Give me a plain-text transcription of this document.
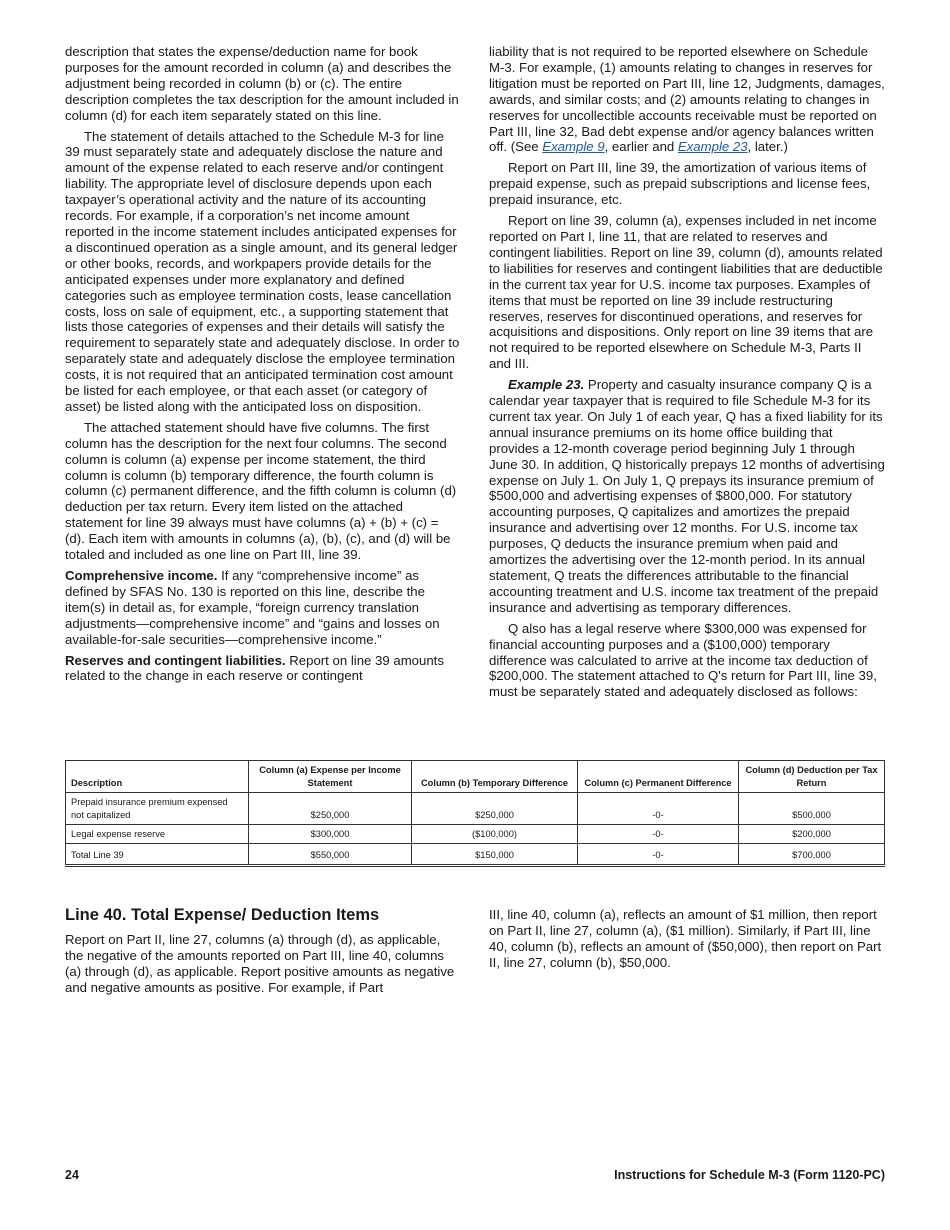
description that states the expense/deduction name for book purposes for the amount recorded in column (a) and describes the adjustment being recorded in column (b) or (c). The entire description completes the tax description for the amount included in column (d) for each item separately stated on this line.

The statement of details attached to the Schedule M-3 for line 39 must separately state and adequately disclose the nature and amount of the expense related to each reserve and/or contingent liability. The appropriate level of disclosure depends upon each taxpayer’s operational activity and the nature of its accounting records. For example, if a corporation’s net income amount reported in the income statement includes anticipated expenses for a discontinued operation as a single amount, and its general ledger or other books, records, and workpapers provide details for the anticipated expenses under more explanatory and defined categories such as employee termination costs, lease cancellation costs, loss on sale of equipment, etc., a supporting statement that lists those categories of expenses and their details will satisfy the requirement to separately state and adequately disclose. In order to separately state and adequately disclose the employee termination costs, it is not required that an anticipated termination cost amount be listed for each employee, or that each asset (or category of asset) be listed along with the anticipated loss on disposition.

The attached statement should have five columns. The first column has the description for the next four columns. The second column is column (a) expense per income statement, the third column is column (b) temporary difference, the fourth column is column (c) permanent difference, and the fifth column is column (d) deduction per tax return. Every item listed on the attached statement for line 39 always must have columns (a) + (b) + (c) = (d). Each item with amounts in columns (a), (b), (c), and (d) will be totaled and included as one line on Part III, line 39.

Comprehensive income. If any “comprehensive income” as defined by SFAS No. 130 is reported on this line, describe the item(s) in detail as, for example, “foreign currency translation adjustments—comprehensive income” and “gains and losses on available-for-sale securities—comprehensive income.”

Reserves and contingent liabilities. Report on line 39 amounts related to the change in each reserve or contingent

liability that is not required to be reported elsewhere on Schedule M-3. For example, (1) amounts relating to changes in reserves for litigation must be reported on Part III, line 12, Judgments, damages, awards, and similar costs; and (2) amounts relating to changes in reserves for uncollectible accounts receivable must be reported on Part III, line 32, Bad debt expense and/or agency balances written off. (See Example 9, earlier and Example 23, later.)

Report on Part III, line 39, the amortization of various items of prepaid expense, such as prepaid subscriptions and license fees, prepaid insurance, etc.

Report on line 39, column (a), expenses included in net income reported on Part I, line 11, that are related to reserves and contingent liabilities. Report on line 39, column (d), amounts related to liabilities for reserves and contingent liabilities that are deductible in the current tax year for U.S. income tax purposes. Examples of items that must be reported on line 39 include restructuring reserves, reserves for discontinued operations, and reserves for acquisitions and dispositions. Only report on line 39 items that are not required to be reported elsewhere on Schedule M-3, Parts II and III.

Example 23. Property and casualty insurance company Q is a calendar year taxpayer that is required to file Schedule M-3 for its current tax year. On July 1 of each year, Q has a fixed liability for its annual insurance premiums on its home office building that provides a 12-month coverage period beginning July 1 through June 30. In addition, Q historically prepays 12 months of advertising expense on July 1. On July 1, Q prepays its insurance premium of $500,000 and advertising expenses of $800,000. For statutory accounting purposes, Q capitalizes and amortizes the prepaid insurance and advertising over 12 months. For U.S. income tax purposes, Q deducts the insurance premium when paid and amortizes the advertising over the 12-month period. In its annual statement, Q treats the differences attributable to the financial accounting treatment and U.S. income tax treatment of the prepaid insurance and advertising as temporary differences.

Q also has a legal reserve where $300,000 was expensed for financial accounting purposes and a ($100,000) temporary difference was calculated to arrive at the income tax deduction of $200,000. The statement attached to Q's return for Part III, line 39, must be separately stated and adequately disclosed as follows:

Description	Column (a) Expense per Income Statement	Column (b) Temporary Difference	Column (c) Permanent Difference	Column (d) Deduction per Tax Return
Prepaid insurance premium expensed not capitalized	$250,000	$250,000	-0-	$500,000
Legal expense reserve	$300,000	($100,000)	-0-	$200,000
Total Line 39	$550,000	$150,000	-0-	$700,000
Line 40. Total Expense/ Deduction Items

Report on Part II, line 27, columns (a) through (d), as applicable, the negative of the amounts reported on Part III, line 40, columns (a) through (d), as applicable. Report positive amounts as negative and negative amounts as positive. For example, if Part

III, line 40, column (a), reflects an amount of $1 million, then report on Part II, line 27, column (a), ($1 million). Similarly, if Part III, line 40, column (b), reflects an amount of ($50,000), then report on Part II, line 27, column (b), $50,000.

24	Instructions for Schedule M-3 (Form 1120-PC)
